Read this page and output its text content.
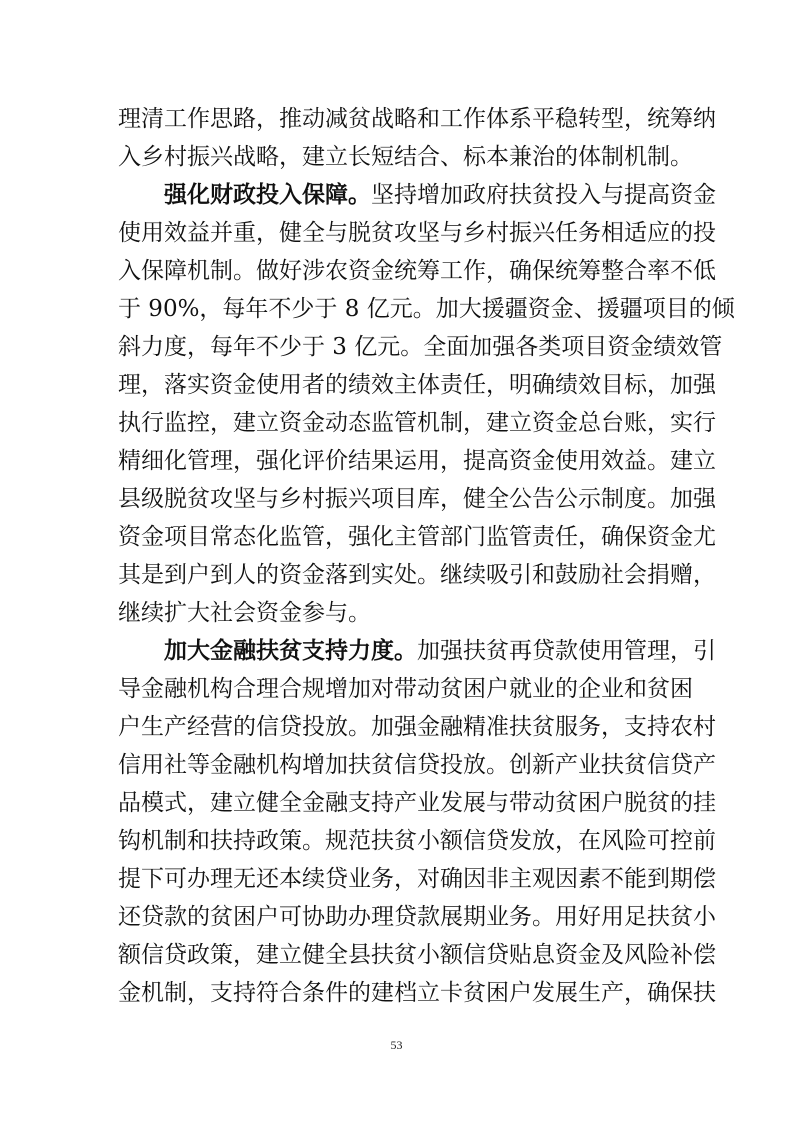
理清工作思路，推动减贫战略和工作体系平稳转型，统筹纳
入乡村振兴战略，建立长短结合、标本兼治的体制机制。
强化财政投入保障。坚持增加政府扶贫投入与提高资金
使用效益并重，健全与脱贫攻坚与乡村振兴任务相适应的投
入保障机制。做好涉农资金统筹工作，确保统筹整合率不低
于 90%，每年不少于 8 亿元。加大援疆资金、援疆项目的倾
斜力度，每年不少于 3 亿元。全面加强各类项目资金绩效管
理，落实资金使用者的绩效主体责任，明确绩效目标，加强
执行监控，建立资金动态监管机制，建立资金总台账，实行
精细化管理，强化评价结果运用，提高资金使用效益。建立
县级脱贫攻坚与乡村振兴项目库，健全公告公示制度。加强
资金项目常态化监管，强化主管部门监管责任，确保资金尤
其是到户到人的资金落到实处。继续吸引和鼓励社会捐赠，
继续扩大社会资金参与。
加大金融扶贫支持力度。加强扶贫再贷款使用管理，引
导金融机构合理合规增加对带动贫困户就业的企业和贫困
户生产经营的信贷投放。加强金融精准扶贫服务，支持农村
信用社等金融机构增加扶贫信贷投放。创新产业扶贫信贷产
品模式，建立健全金融支持产业发展与带动贫困户脱贫的挂
钩机制和扶持政策。规范扶贫小额信贷发放，在风险可控前
提下可办理无还本续贷业务，对确因非主观因素不能到期偿
还贷款的贫困户可协助办理贷款展期业务。用好用足扶贫小
额信贷政策，建立健全县扶贫小额信贷贴息资金及风险补偿
金机制，支持符合条件的建档立卡贫困户发展生产，确保扶
53
